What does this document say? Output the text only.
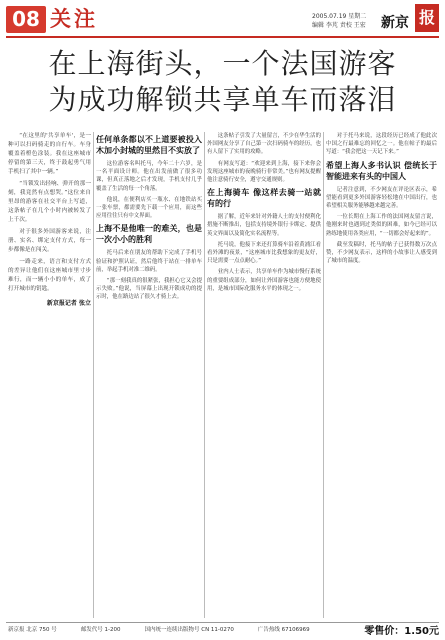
08 关注	2005.07.19 星期二
编辑 李芃 责校 王宏 新京 报
在上海街头，一个法国游客
为成功解锁共享单车而落泪

“在这里的'共享单车'，是一种可以扫码骑走的自行车。车身覆盖着橙色涂装。我在这座城市停留的第三天，终于鼓起勇气用手机扫了其中一辆。”

“当锁发出轻响、弹开的那一刻，我竟然有点想哭。”这位来自里昂的游客在社交平台上写道，这条帖子在几个小时内被转发了上千次。

对于很多外国游客来说，注册、实名、绑定支付方式，每一步都像是在闯关。

一路走来，语言和支付方式的差异让他们在这座城市里寸步难行，而一辆小小的单车，成了打开城市的钥匙。

新京报记者 张立
任何单条都以不上道要被投入木加小封城的里然目不实放了

这位游客名叫托马，今年二十六岁，是一名平面设计师。他在出发前做了很多功课，但真正落地之后才发现，手机支付几乎覆盖了生活的每一个角落。

他说，在便利店买一瓶水、在地铁站买一张车票，都需要先下载一个应用，而这些应用往往只有中文界面。

上海不是他唯一的难关，也是一次小小的胜利

托马后来在朋友的帮助下完成了手机号验证和护照认证，然后他终于站在一排单车前，举起手机对准二维码。

“那一刻我真的很紧张，我担心它又会提示失败。”他说，当屏幕上出现开锁成功的提示时，他在路边站了很久才骑上去。

这条帖子引发了大量留言，不少在华生活的外国网友分享了自己第一次扫码骑车的经历，也有人留下了实用的攻略。

有网友写道：“欢迎来到上海，接下来你会发现这座城市的夜晚骑行非常美。”也有网友提醒他注意骑行安全，遵守交通规则。

在上海骑车 像这样去骑一站就有的行

据了解，近年来针对外籍人士的支付便利化措施不断推出，包括支持境外银行卡绑定、提供英文界面以及简化实名流程等。

托马说，他接下来还打算骑车沿着黄浦江看看外滩的夜景，“这座城市比我想象的更友好，只是需要一点点耐心。”

业内人士表示，共享单车作为城市慢行系统的重要组成部分，如何让外国游客也能方便地使用，是城市国际化服务水平的体现之一。

对于托马来说，这段经历已经成了他此次中国之行最难忘的回忆之一。他在帖子的最后写道：“我会把这一天记下来。”

希望上海人多书认识 偿统长于智能进来有头的中国人

记者注意到，不少网友在评论区表示，希望能看到更多外国游客轻松地在中国出行，也希望相关服务能够越来越完善。

一位长期在上海工作的法国网友留言说，他刚来时也遇到过类似的困难，如今已经可以熟练地使用各类应用，“一切都会好起来的”。

截至发稿时，托马的帖子已获得数万次点赞，不少网友表示，这样的小故事让人感受到了城市的温度。

新京报 北京 750 号	邮发代号 1-200	国内统一连续出版物号 CN 11-0270	广告热线 67106969	零售价：1.50元
